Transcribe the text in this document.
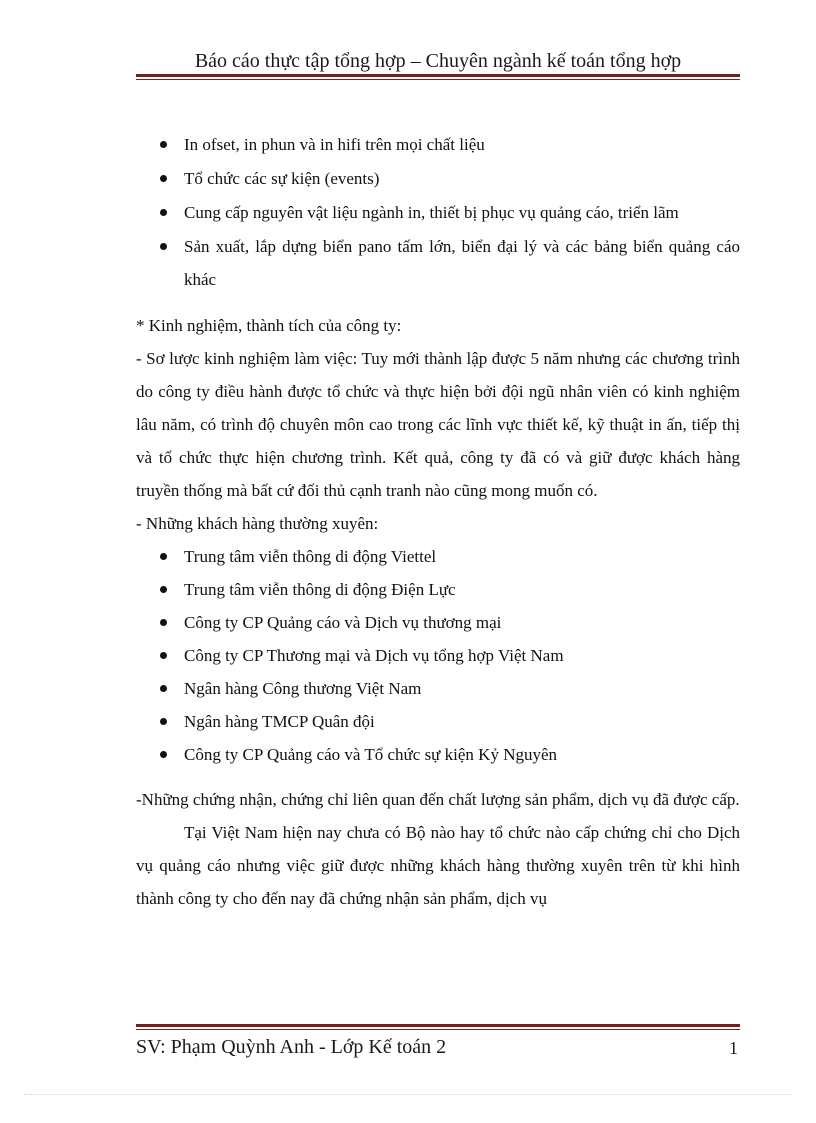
Báo cáo thực tập tổng hợp – Chuyên ngành kế toán tổng hợp
In ofset, in phun và in hifi trên mọi chất liệu
Tổ chức các sự kiện (events)
Cung cấp nguyên vật liệu ngành in, thiết bị phục vụ quảng cáo, triển lãm
Sản xuất, lắp dựng biển pano tấm lớn, biển đại lý và các bảng biển quảng cáo khác

* Kinh nghiệm, thành tích của công ty:

- Sơ lược kinh nghiệm làm việc: Tuy mới thành lập được 5 năm nhưng các chương trình do công ty điều hành được tổ chức và thực hiện bởi đội ngũ nhân viên có kinh nghiệm lâu năm, có trình độ chuyên môn cao trong các lĩnh vực thiết kế, kỹ thuật in ấn, tiếp thị và tổ chức thực hiện chương trình. Kết quả, công ty đã có và giữ được khách hàng truyền thống mà bất cứ đối thủ cạnh tranh nào cũng mong muốn có.

- Những khách hàng thường xuyên:

Trung tâm viễn thông di động Viettel
Trung tâm viễn thông di động Điện Lực
Công ty CP Quảng cáo và Dịch vụ thương mại
Công ty CP Thương mại và Dịch vụ tổng hợp Việt Nam
Ngân hàng Công thương Việt Nam
Ngân hàng TMCP Quân đội
Công ty CP Quảng cáo và Tổ chức sự kiện Kỷ Nguyên

-Những chứng nhận, chứng chỉ liên quan đến chất lượng sản phẩm, dịch vụ đã được cấp.

Tại Việt Nam hiện nay chưa có Bộ nào hay tổ chức nào cấp chứng chỉ cho Dịch vụ quảng cáo nhưng việc giữ được những khách hàng thường xuyên trên từ khi hình thành công ty cho đến nay đã chứng nhận sản phẩm, dịch vụ

SV: Phạm Quỳnh Anh - Lớp Kế toán 2	1
